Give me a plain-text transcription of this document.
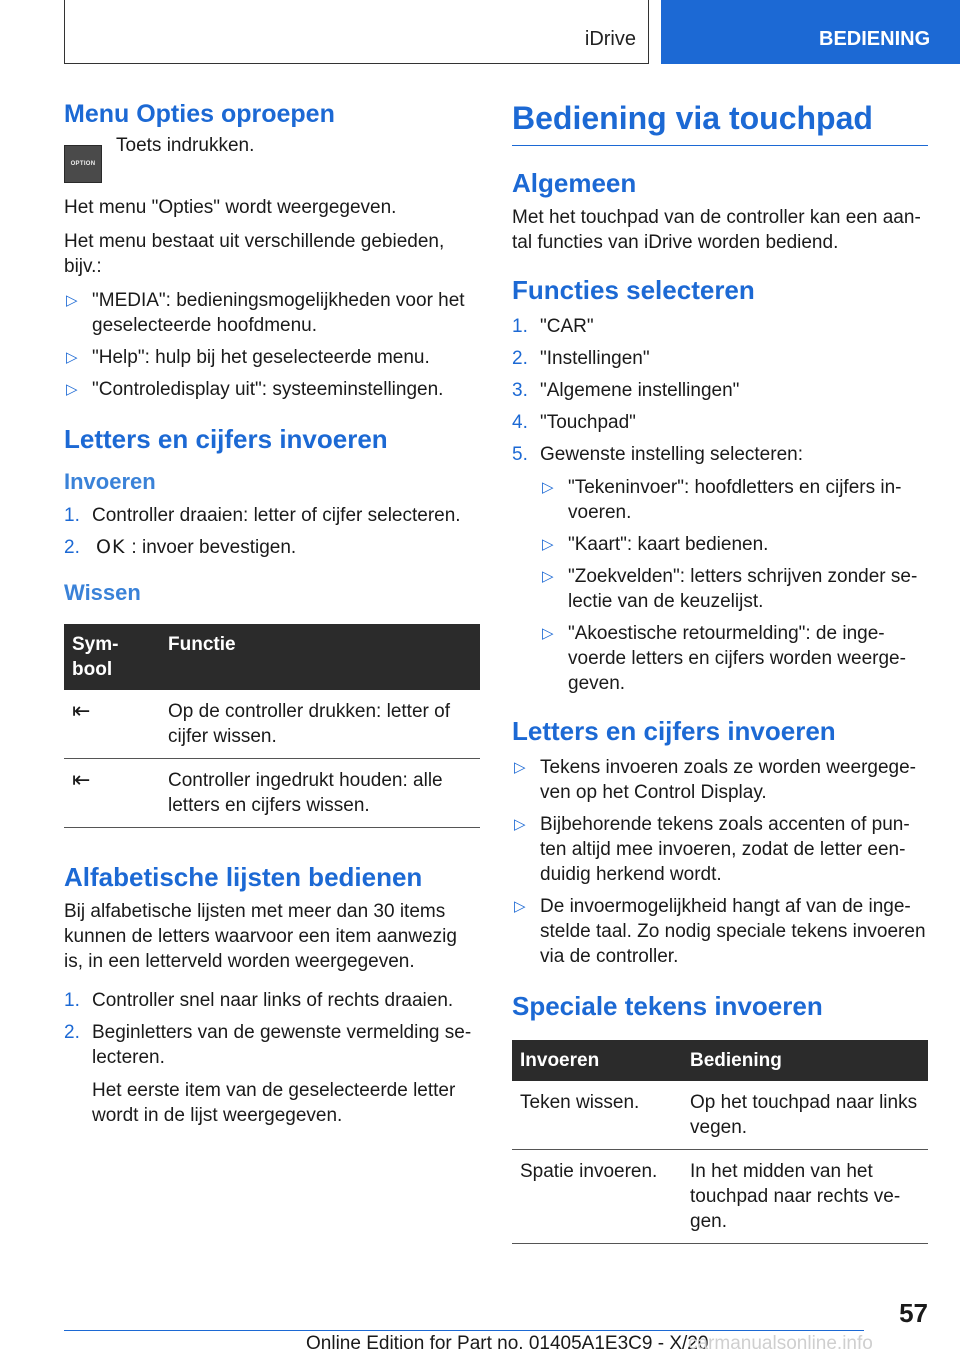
iDrive	BEDIENING
Menu Opties oproepen
OPTION
Toets indrukken.

Het menu "Opties" wordt weergegeven.

Het menu bestaat uit verschillende gebieden, bijv.:

▷ "MEDIA": bedieningsmogelijkheden voor het geselecteerde hoofdmenu.
▷ "Help": hulp bij het geselecteerde menu.
▷ "Controledisplay uit": systeeminstellingen.
Letters en cijfers invoeren
Invoeren
1. Controller draaien: letter of cijfer selecteren.
2. OK : invoer bevestigen.
Wissen
Sym-
bool	Functie
⇤	Op de controller drukken: letter of cijfer wissen.
⇤	Controller ingedrukt houden: alle letters en cijfers wissen.
Alfabetische lijsten bedienen

Bij alfabetische lijsten met meer dan 30 items kunnen de letters waarvoor een item aanwezig is, in een letterveld worden weergegeven.

1. Controller snel naar links of rechts draaien.
2. Beginletters van de gewenste vermelding se-lecteren.
Het eerste item van de geselecteerde letter wordt in de lijst weergegeven.
Bediening via touchpad
Algemeen

Met het touchpad van de controller kan een aan-tal functies van iDrive worden bediend.

Functies selecteren
1. "CAR"
2. "Instellingen"
3. "Algemene instellingen"
4. "Touchpad"
5. Gewenste instelling selecteren:
▷ "Tekeninvoer": hoofdletters en cijfers in-voeren.
▷ "Kaart": kaart bedienen.
▷ "Zoekvelden": letters schrijven zonder se-lectie van de keuzelijst.
▷ "Akoestische retourmelding": de inge-voerde letters en cijfers worden weerge-geven.
Letters en cijfers invoeren
▷ Tekens invoeren zoals ze worden weergege-ven op het Control Display.
▷ Bijbehorende tekens zoals accenten of pun-ten altijd mee invoeren, zodat de letter een-duidig herkend wordt.
▷ De invoermogelijkheid hangt af van de inge-stelde taal. Zo nodig speciale tekens invoeren via de controller.
Speciale tekens invoeren
Invoeren	Bediening
Teken wissen.	Op het touchpad naar links vegen.
Spatie invoeren.	In het midden van het touchpad naar rechts ve-gen.
57
Online Edition for Part no. 01405A1E3C9 - X/20
carmanualsonline.info
